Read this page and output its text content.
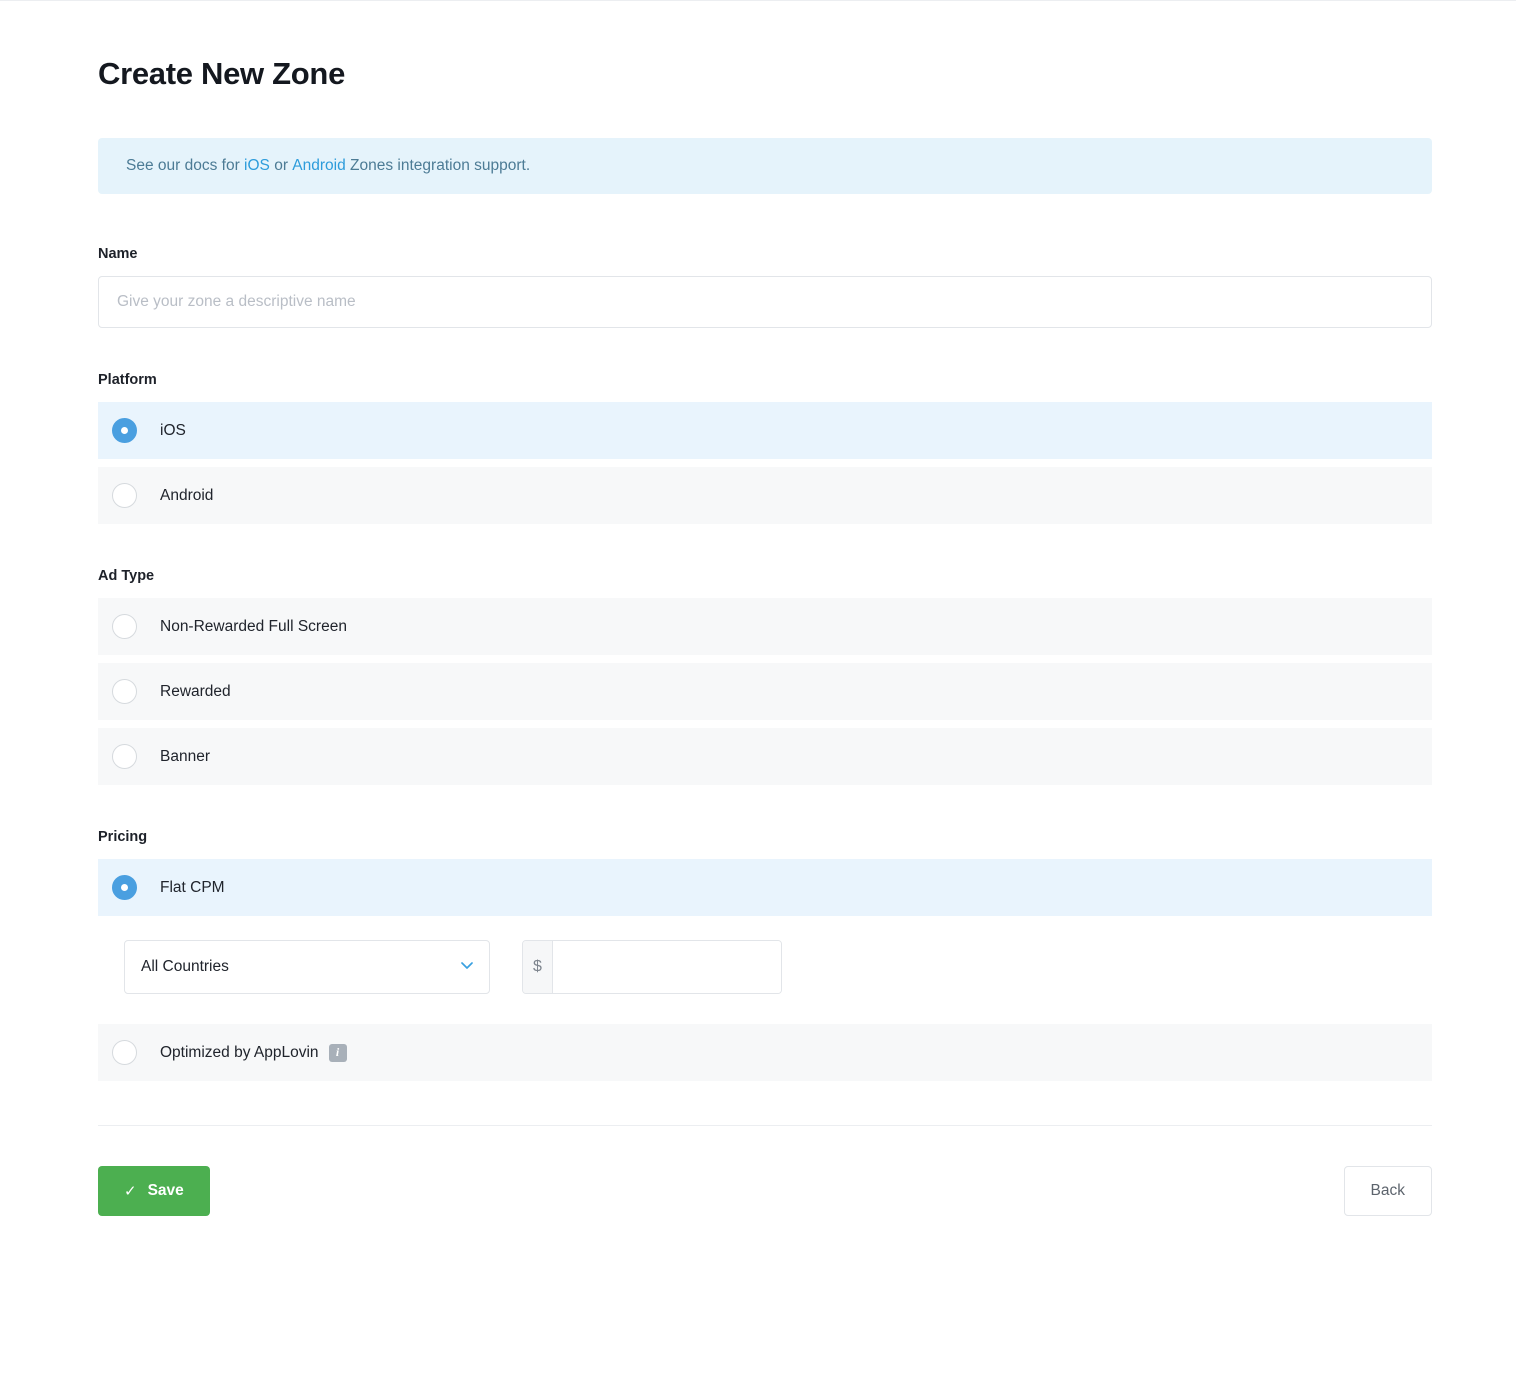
Create New Zone
See our docs for iOS or Android Zones integration support.
Name
Give your zone a descriptive name
Platform
iOS
Android
Ad Type
Non-Rewarded Full Screen
Rewarded
Banner
Pricing
Flat CPM
All Countries	$
Optimized by AppLovin	i
✓ Save	Back
